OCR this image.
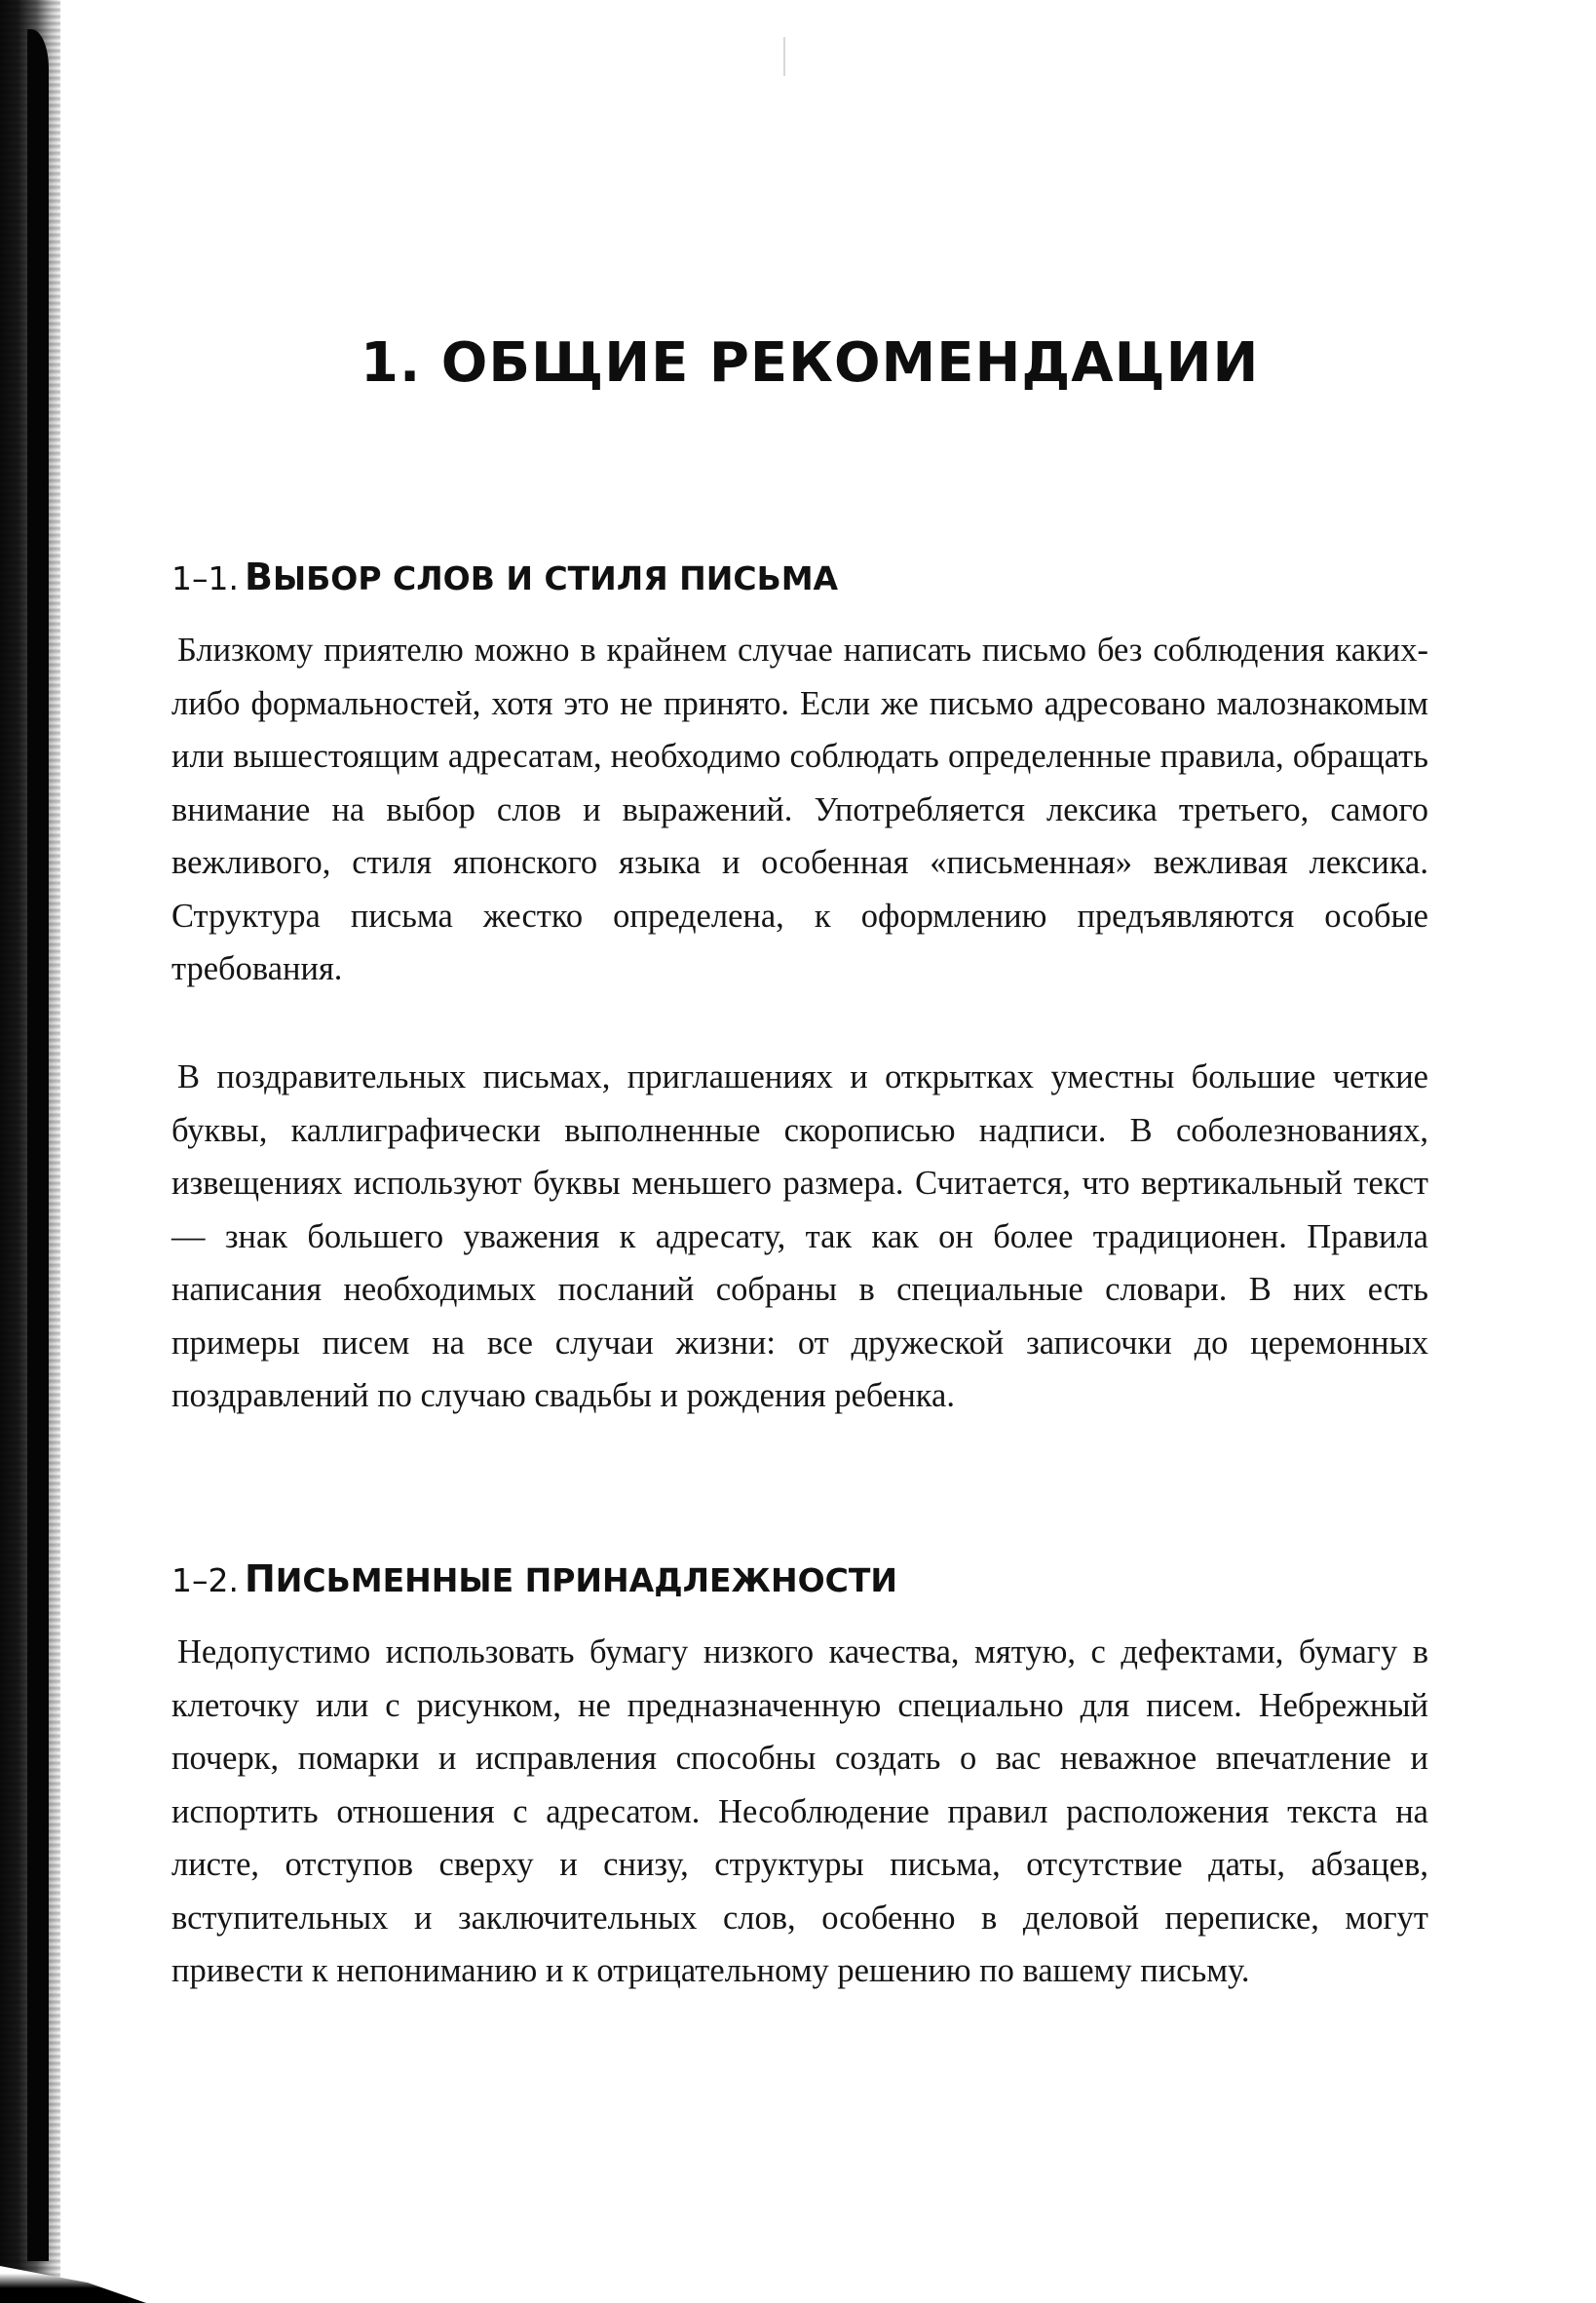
1. ОБЩИЕ РЕКОМЕНДАЦИИ
1–1. ВЫБОР СЛОВ И СТИЛЯ ПИСЬМА

Близкому приятелю можно в крайнем случае написать письмо без соблюдения каких-либо формальностей, хотя это не принято. Если же письмо адресовано малознакомым или вышестоящим адресатам, необходимо соблюдать определенные правила, обращать внимание на выбор слов и выражений. Употребляется лексика третьего, самого вежливого, стиля японского языка и особенная «письменная» вежливая лексика. Структура письма жестко определена, к оформлению предъявляются особые требования.

В поздравительных письмах, приглашениях и открытках уместны большие четкие буквы, каллиграфически выполненные скорописью надписи. В соболезнованиях, извещениях используют буквы меньшего размера. Считается, что вертикальный текст — знак большего уважения к адресату, так как он более традиционен. Правила написания необходимых посланий собраны в специальные словари. В них есть примеры писем на все случаи жизни: от дружеской записочки до церемонных поздравлений по случаю свадьбы и рождения ребенка.

1–2. ПИСЬМЕННЫЕ ПРИНАДЛЕЖНОСТИ

Недопустимо использовать бумагу низкого качества, мятую, с дефектами, бумагу в клеточку или с рисунком, не предназначенную специально для писем. Небрежный почерк, помарки и исправления способны создать о вас неважное впечатление и испортить отношения с адресатом. Несоблюдение правил расположения текста на листе, отступов сверху и снизу, структуры письма, отсутствие даты, абзацев, вступительных и заключительных слов, особенно в деловой переписке, могут привести к непониманию и к отрицательному решению по вашему письму.
